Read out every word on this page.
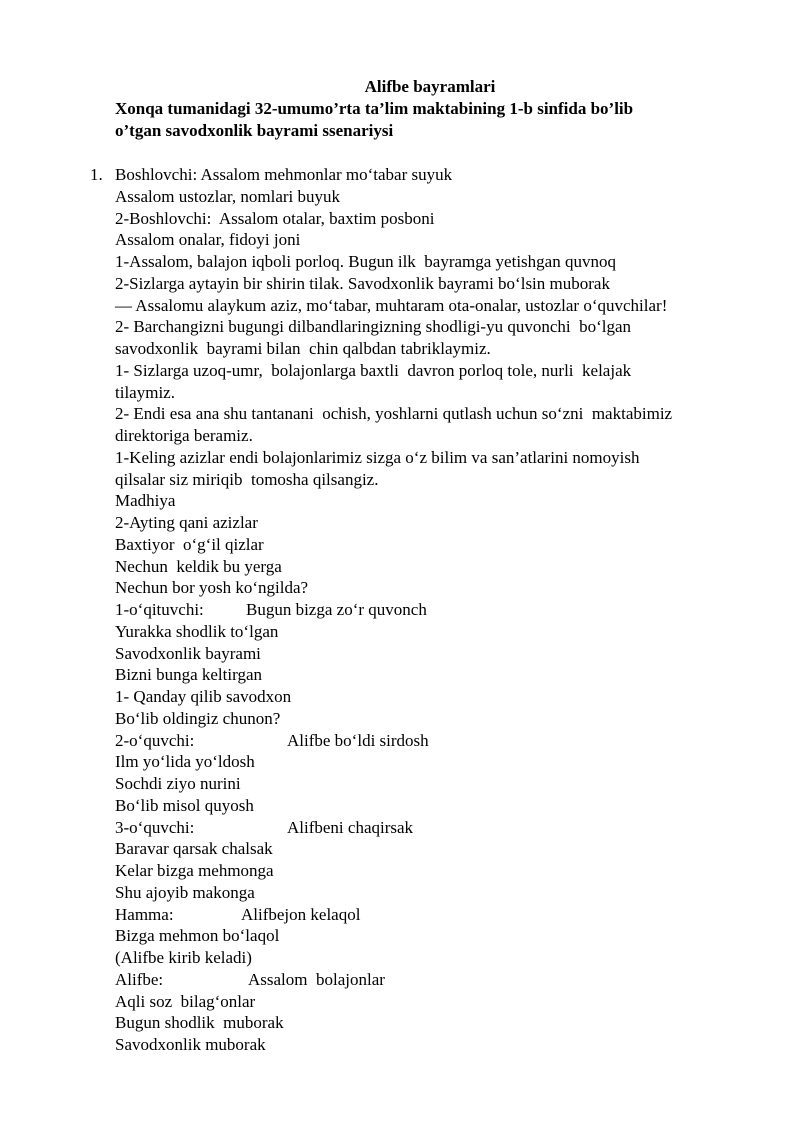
Alifbe bayramlari
Xonqa tumanidagi 32-umumo’rta ta’lim maktabining 1-b sinfida bo’lib
o’tgan savodxonlik bayrami ssenariysi
1. Boshlovchi: Assalom mehmonlar mo‘tabar suyuk
Assalom ustozlar, nomlari buyuk
2-Boshlovchi:  Assalom otalar, baxtim posboni
Assalom onalar, fidoyi joni
1-Assalom, balajon iqboli porloq. Bugun ilk  bayramga yetishgan quvnoq
2-Sizlarga aytayin bir shirin tilak. Savodxonlik bayrami bo‘lsin muborak
— Assalomu alaykum aziz, mo‘tabar, muhtaram ota-onalar, ustozlar o‘quvchilar!
2- Barchangizni bugungi dilbandlaringizning shodligi-yu quvonchi  bo‘lgan
savodxonlik  bayrami bilan  chin qalbdan tabriklaymiz.
1- Sizlarga uzoq-umr,  bolajonlarga baxtli  davron porloq tole, nurli  kelajak
tilaymiz.
2- Endi esa ana shu tantanani  ochish, yoshlarni qutlash uchun so‘zni  maktabimiz
direktoriga beramiz.
1-Keling azizlar endi bolajonlarimiz sizga o‘z bilim va san’atlarini nomoyish
qilsalar siz miriqib  tomosha qilsangiz.
Madhiya
2-Ayting qani azizlar
Baxtiyor  o‘g‘il qizlar
Nechun  keldik bu yerga
Nechun bor yosh ko‘ngilda?
1-o‘qituvchi: Bugun bizga zo‘r quvonch
Yurakka shodlik to‘lgan
Savodxonlik bayrami
Bizni bunga keltirgan
1- Qanday qilib savodxon
Bo‘lib oldingiz chunon?
2-o‘quvchi:	Alifbe bo‘ldi sirdosh
Ilm yo‘lida yo‘ldosh
Sochdi ziyo nurini
Bo‘lib misol quyosh
3-o‘quvchi:	Alifbeni chaqirsak
Baravar qarsak chalsak
Kelar bizga mehmonga
Shu ajoyib makonga
Hamma:	Alifbejon kelaqol
Bizga mehmon bo‘laqol
(Alifbe kirib keladi)
Alifbe:	Assalom  bolajonlar
Aqli soz  bilag‘onlar
Bugun shodlik  muborak
Savodxonlik muborak
